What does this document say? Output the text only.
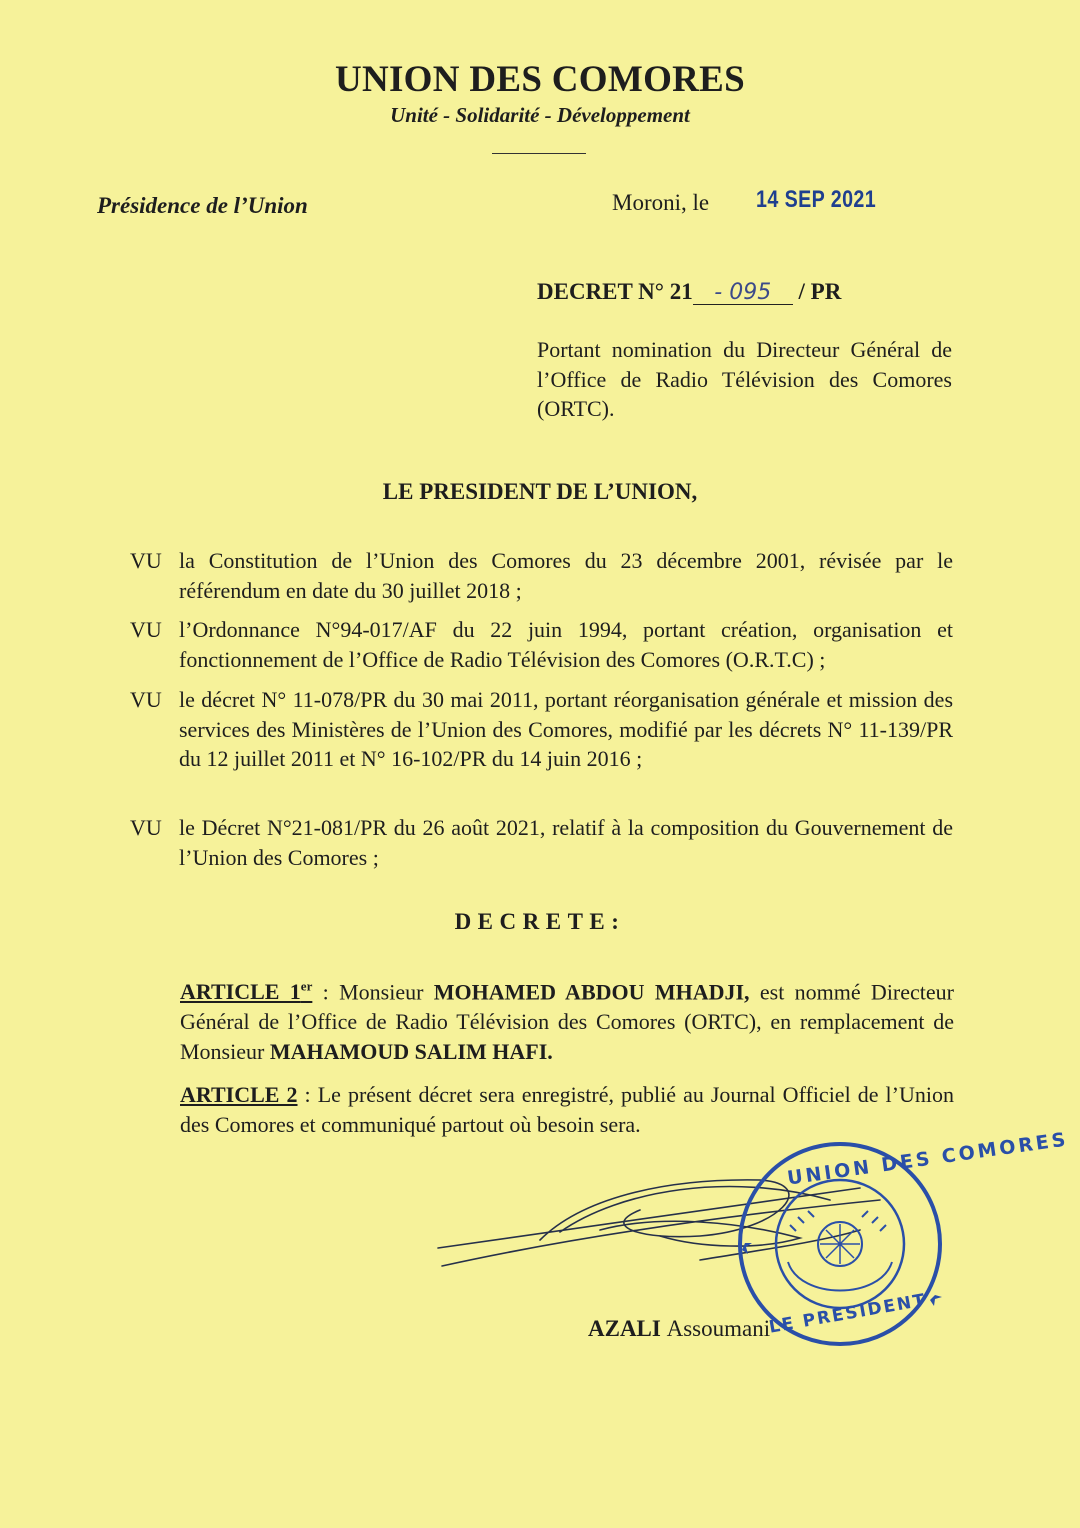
UNION DES COMORES
Unité - Solidarité - Développement
Présidence de l’Union	Moroni, le 14 SEP 2021
DECRET N° 21 - 095 / PR
Portant nomination du Directeur Général de l’Office de Radio Télévision des Comores (ORTC).
LE PRESIDENT DE L’UNION,
VU la Constitution de l’Union des Comores du 23 décembre 2001, révisée par le référendum en date du 30 juillet 2018 ;
VU l’Ordonnance N°94-017/AF du 22 juin 1994, portant création, organisation et fonctionnement de l’Office de Radio Télévision des Comores (O.R.T.C) ;
VU le décret N° 11-078/PR du 30 mai 2011, portant réorganisation générale et mission des services des Ministères de l’Union des Comores, modifié par les décrets N° 11-139/PR du 12 juillet 2011 et N° 16-102/PR du 14 juin 2016 ;
VU le Décret N°21-081/PR du 26 août 2021, relatif à la composition du Gouvernement de l’Union des Comores ;
DECRETE:
ARTICLE 1er : Monsieur MOHAMED ABDOU MHADJI, est nommé Directeur Général de l’Office de Radio Télévision des Comores (ORTC), en remplacement de Monsieur MAHAMOUD SALIM HAFI.
ARTICLE 2 : Le présent décret sera enregistré, publié au Journal Officiel de l’Union des Comores et communiqué partout où besoin sera.
UNION DES COMORES
LE PRESIDENT
AZALI Assoumani
